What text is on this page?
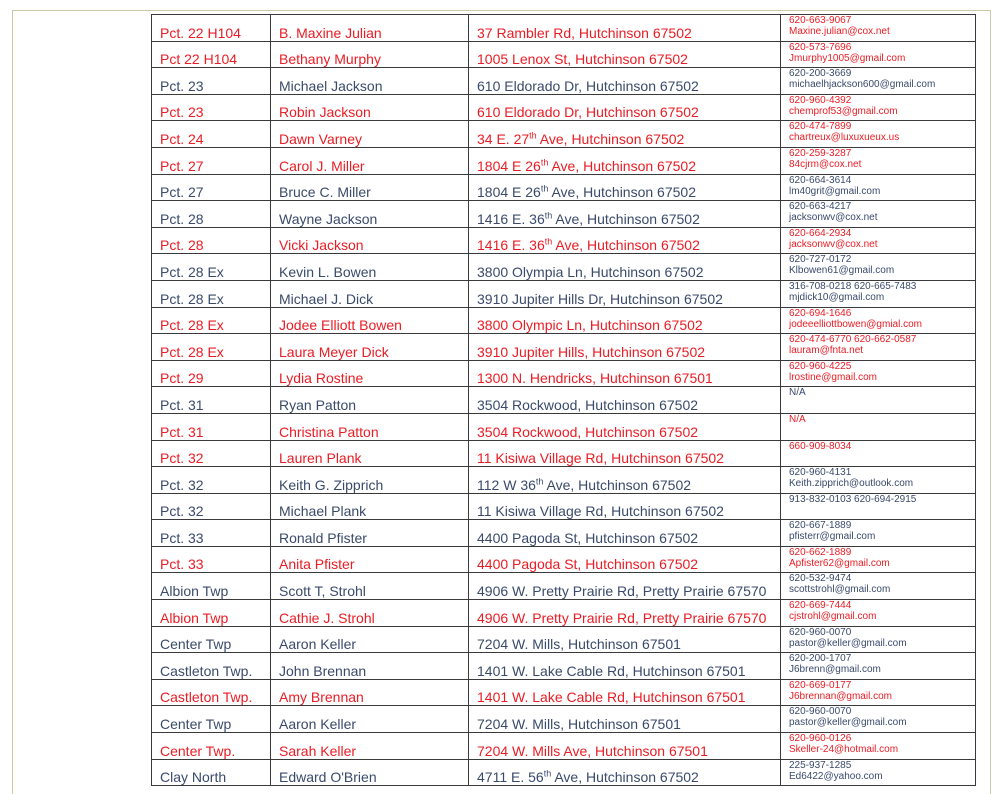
Pct. 22 H104	B. Maxine Julian	37 Rambler Rd, Hutchinson 67502	620-663-9067
Maxine.julian@cox.net

Pct 22 H104	Bethany Murphy	1005 Lenox St, Hutchinson 67502	620-573-7696
Jmurphy1005@gmail.com

Pct. 23	Michael Jackson	610 Eldorado Dr, Hutchinson 67502	620-200-3669
michaelhjackson600@gmail.com

Pct. 23	Robin Jackson	610 Eldorado Dr, Hutchinson 67502	620-960-4392
chemprof53@gmail.com

Pct. 24	Dawn Varney	34 E. 27th Ave, Hutchinson 67502	620-474-7899
chartreux@luxuxueux.us

Pct. 27	Carol J. Miller	1804 E 26th Ave, Hutchinson 67502	620-259-3287
84cjrm@cox.net

Pct. 27	Bruce C. Miller	1804 E 26th Ave, Hutchinson 67502	620-664-3614
lm40grit@gmail.com

Pct. 28	Wayne Jackson	1416 E. 36th Ave, Hutchinson 67502	620-663-4217
jacksonwv@cox.net

Pct. 28	Vicki Jackson	1416 E. 36th Ave, Hutchinson 67502	620-664-2934
jacksonwv@cox.net

Pct. 28 Ex	Kevin L. Bowen	3800 Olympia Ln, Hutchinson 67502	620-727-0172
Klbowen61@gmail.com

Pct. 28 Ex	Michael J. Dick	3910 Jupiter Hills Dr, Hutchinson 67502	316-708-0218 620-665-7483
mjdick10@gmail.com

Pct. 28 Ex	Jodee Elliott Bowen	3800 Olympic Ln, Hutchinson 67502	620-694-1646
jodeeelliottbowen@gmial.com

Pct. 28 Ex	Laura Meyer Dick	3910 Jupiter Hills, Hutchinson 67502	620-474-6770 620-662-0587
lauram@fnta.net

Pct. 29	Lydia Rostine	1300 N. Hendricks, Hutchinson 67501	620-960-4225
lrostine@gmail.com

Pct. 31	Ryan Patton	3504 Rockwood, Hutchinson 67502	N/A

Pct. 31	Christina Patton	3504 Rockwood, Hutchinson 67502	N/A

Pct. 32	Lauren Plank	11 Kisiwa Village Rd, Hutchinson 67502	660-909-8034

Pct. 32	Keith G. Zipprich	112 W 36th Ave, Hutchinson 67502	620-960-4131
Keith.zipprich@outlook.com

Pct. 32	Michael Plank	11 Kisiwa Village Rd, Hutchinson 67502	913-832-0103 620-694-2915

Pct. 33	Ronald Pfister	4400 Pagoda St, Hutchinson 67502	620-667-1889
pfisterr@gmail.com

Pct. 33	Anita Pfister	4400 Pagoda St, Hutchinson 67502	620-662-1889
Apfister62@gmail.com

Albion Twp	Scott T, Strohl	4906 W. Pretty Prairie Rd, Pretty Prairie 67570	620-532-9474
scottstrohl@gmail.com

Albion Twp	Cathie J. Strohl	4906 W. Pretty Prairie Rd, Pretty Prairie 67570	620-669-7444
cjstrohl@gmail.com

Center Twp	Aaron Keller	7204 W. Mills, Hutchinson 67501	620-960-0070
pastor@keller@gmail.com

Castleton Twp.	John Brennan	1401 W. Lake Cable Rd, Hutchinson 67501	620-200-1707
J6brenn@gmail.com

Castleton Twp.	Amy Brennan	1401 W. Lake Cable Rd, Hutchinson 67501	620-669-0177
J6brennan@gmail.com

Center Twp	Aaron Keller	7204 W. Mills, Hutchinson 67501	620-960-0070
pastor@keller@gmail.com

Center Twp.	Sarah Keller	7204 W. Mills Ave, Hutchinson 67501	620-960-0126
Skeller-24@hotmail.com

Clay North	Edward O'Brien	4711 E. 56th Ave, Hutchinson 67502	225-937-1285
Ed6422@yahoo.com
